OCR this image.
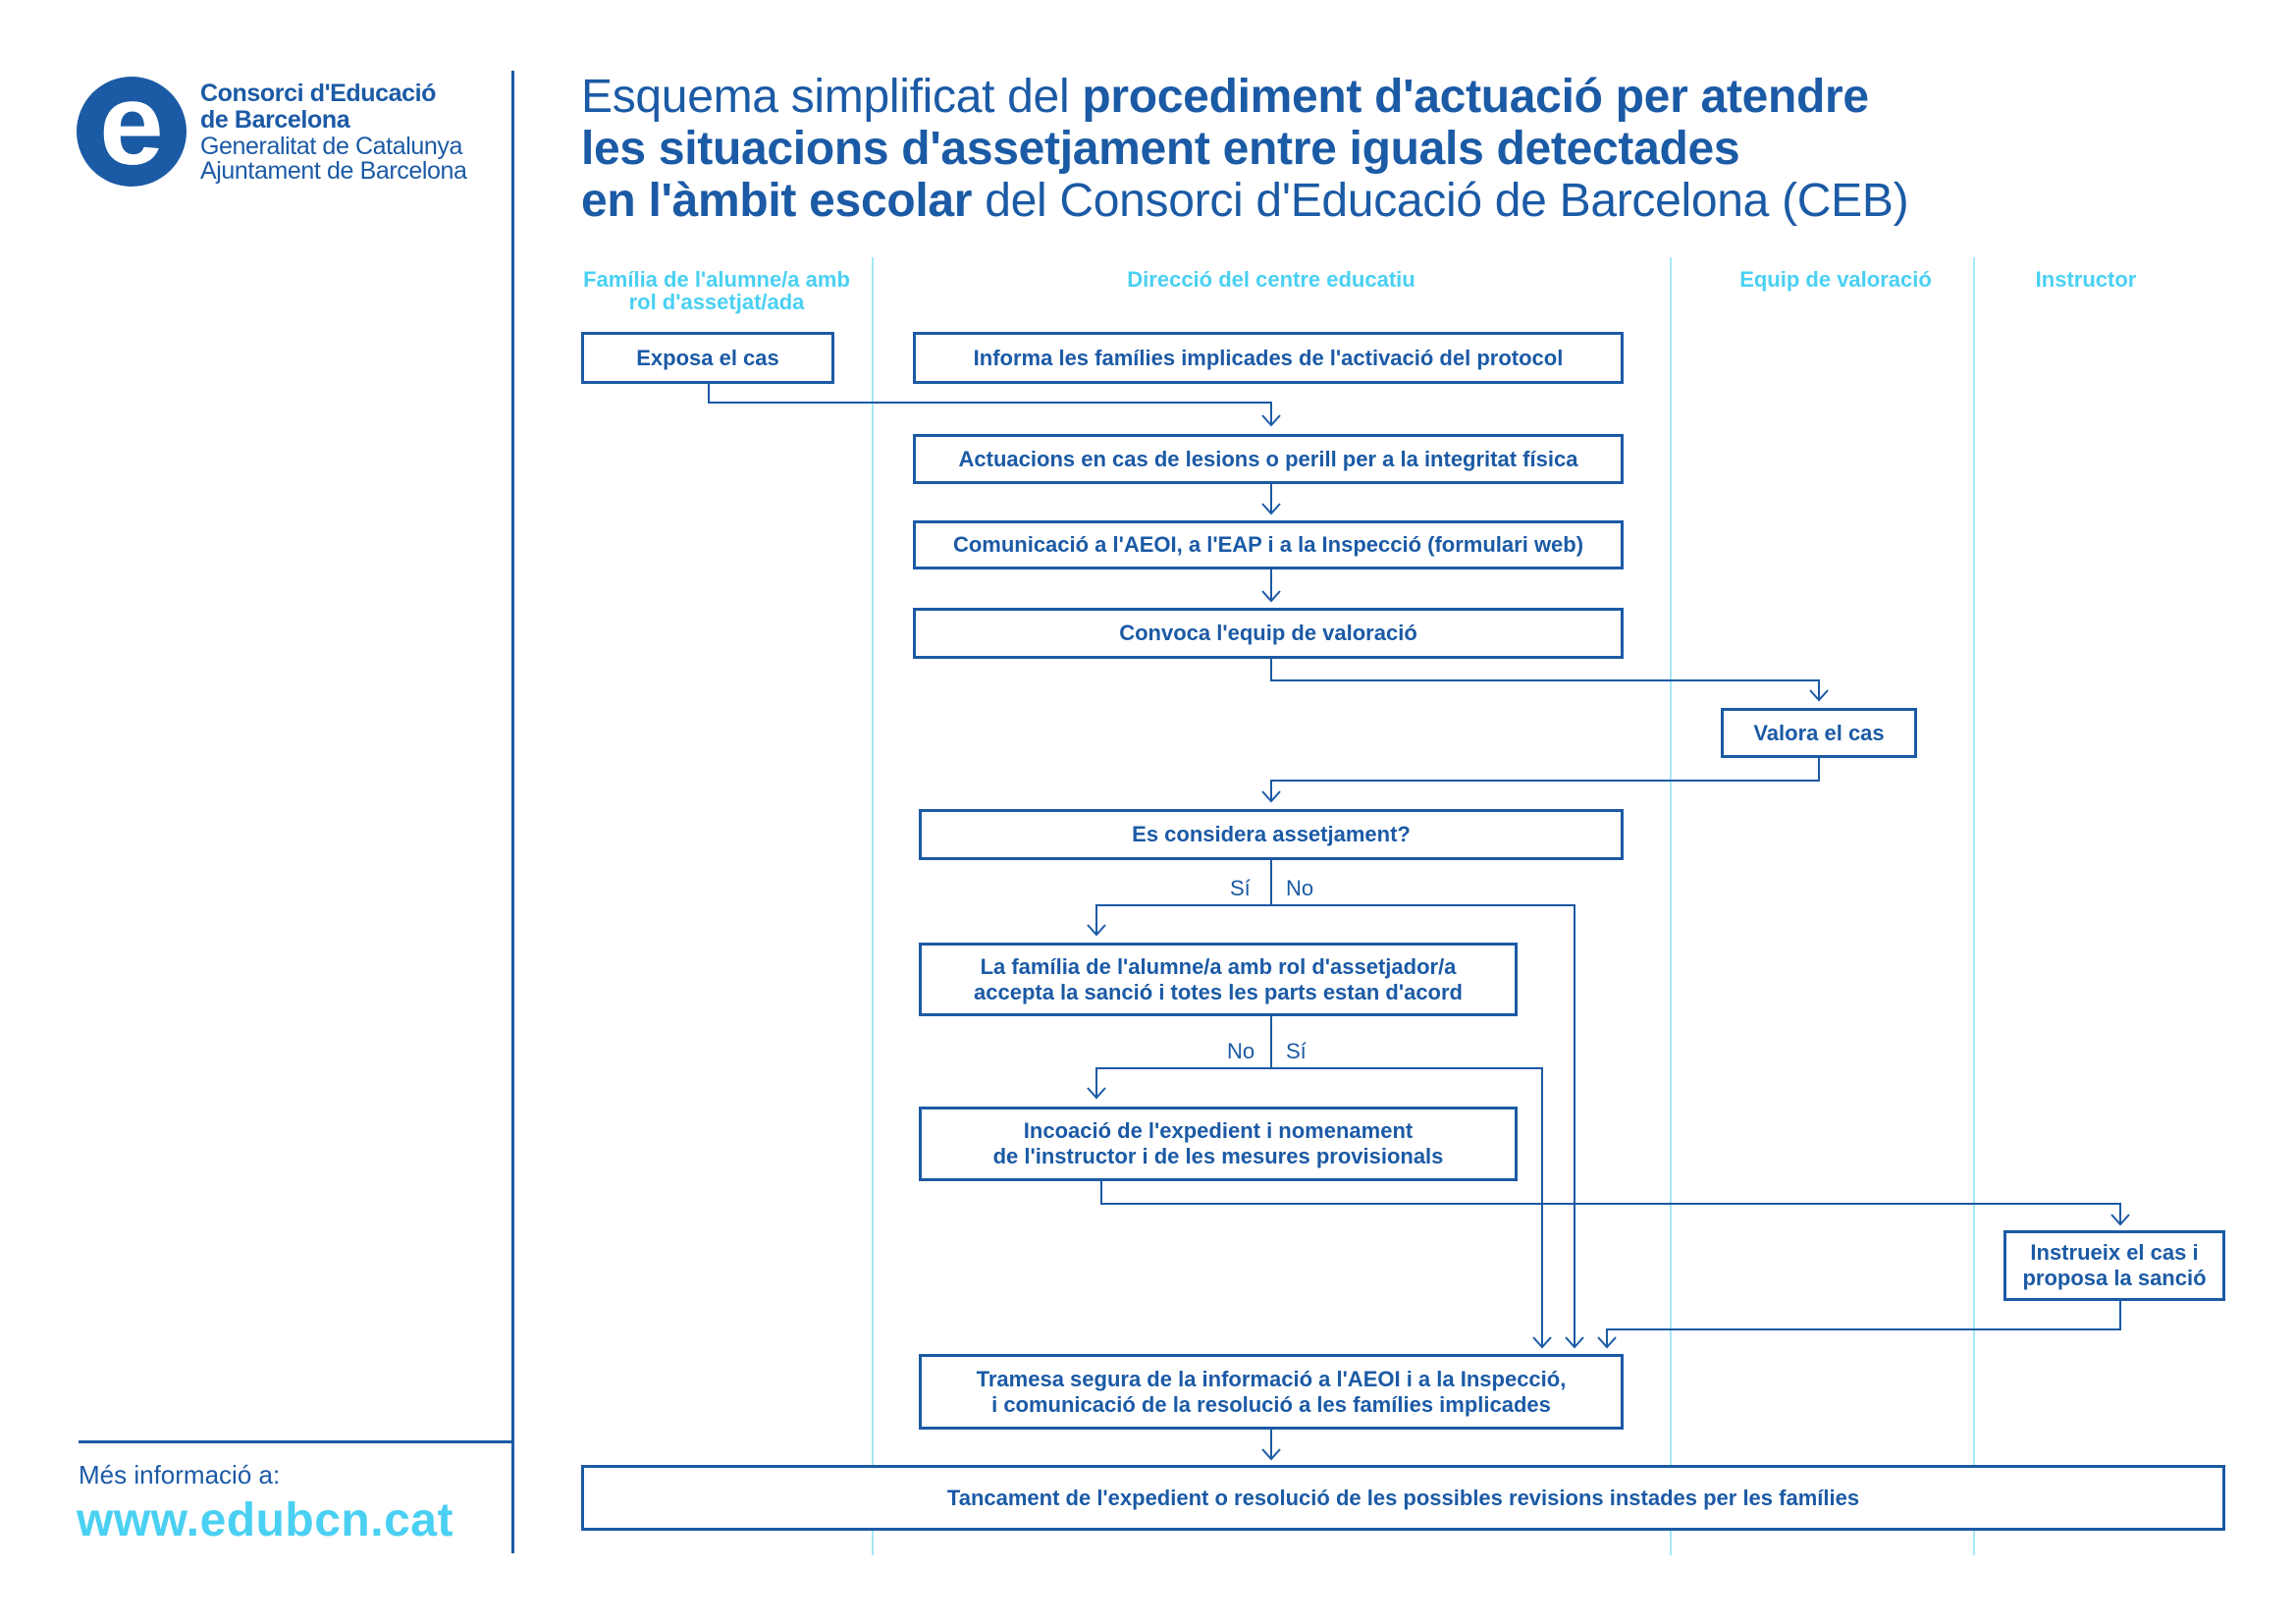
e	Consorci d'Educació
de Barcelona
Generalitat de Catalunya
Ajuntament de Barcelona
Més informació a:
www.edubcn.cat
Esquema simplificat del procediment d'actuació per atendre
les situacions d'assetjament entre iguals detectades
en l'àmbit escolar del Consorci d'Educació de Barcelona (CEB)
Família de l'alumne/a amb
rol d'assetjat/ada
Direcció del centre educatiu	Equip de valoració	Instructor
Exposa el cas	Informa les famílies implicades de l'activació del protocol
Actuacions en cas de lesions o perill per a la integritat física
Comunicació a l'AEOI, a l'EAP i a la Inspecció (formulari web)
Convoca l'equip de valoració
Valora el cas
Es considera assetjament?
Sí No
La família de l'alumne/a amb rol d'assetjador/a
accepta la sanció i totes les parts estan d'acord
No Sí
Incoació de l'expedient i nomenament
de l'instructor i de les mesures provisionals
Instrueix el cas i
proposa la sanció
Tramesa segura de la informació a l'AEOI i a la Inspecció,
i comunicació de la resolució a les famílies implicades
Tancament de l'expedient o resolució de les possibles revisions instades per les famílies
